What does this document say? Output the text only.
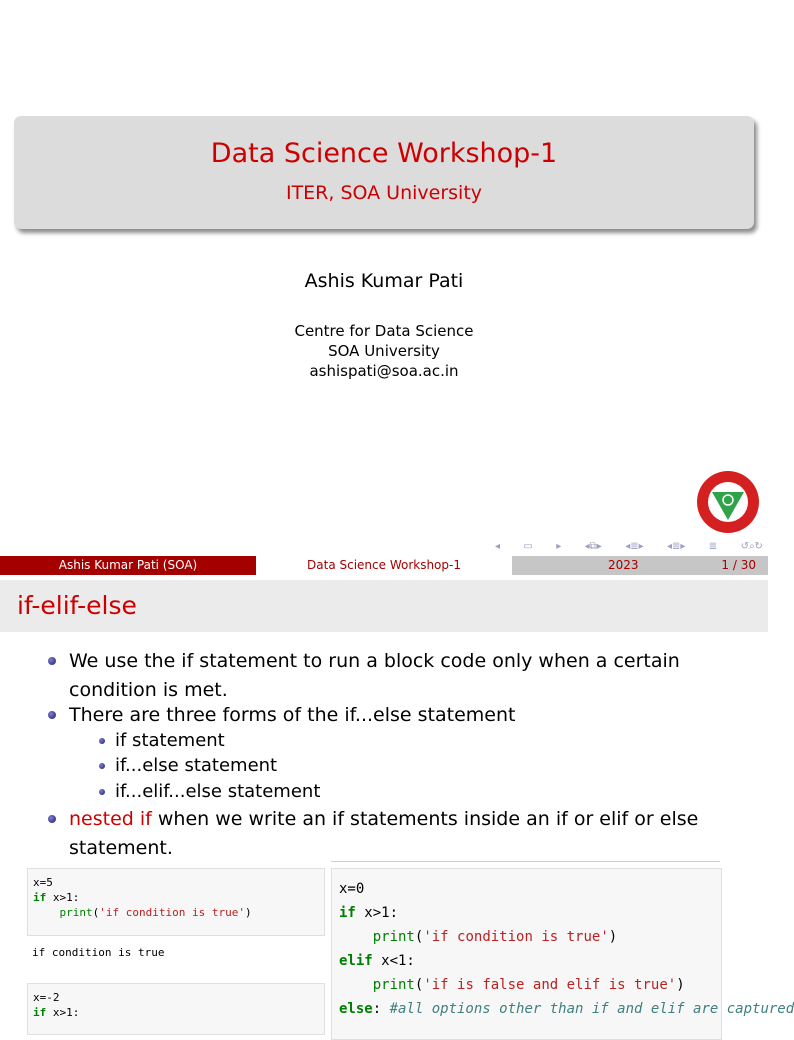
Data Science Workshop-1
ITER, SOA University
Ashis Kumar Pati
Centre for Data Science
SOA University
ashispati@soa.ac.in
◂ ▭ ▸ ◂⧉▸ ◂≣▸ ◂≣▸ ≣ ↺⌕↻
Ashis Kumar Pati (SOA)	Data Science Workshop-1	2023	1 / 30
if-elif-else
We use the if statement to run a block code only when a certain
condition is met.
There are three forms of the if...else statement
if statement
if...else statement
if...elif...else statement
nested if when we write an if statements inside an if or elif or else
statement.
x=5
if x>1:
print('if condition is true')
if condition is true
x=-2
if x>1:
x=0
if x>1:
print('if condition is true')
elif x<1:
print('if is false and elif is true')
else: #all options other than if and elif are captured
